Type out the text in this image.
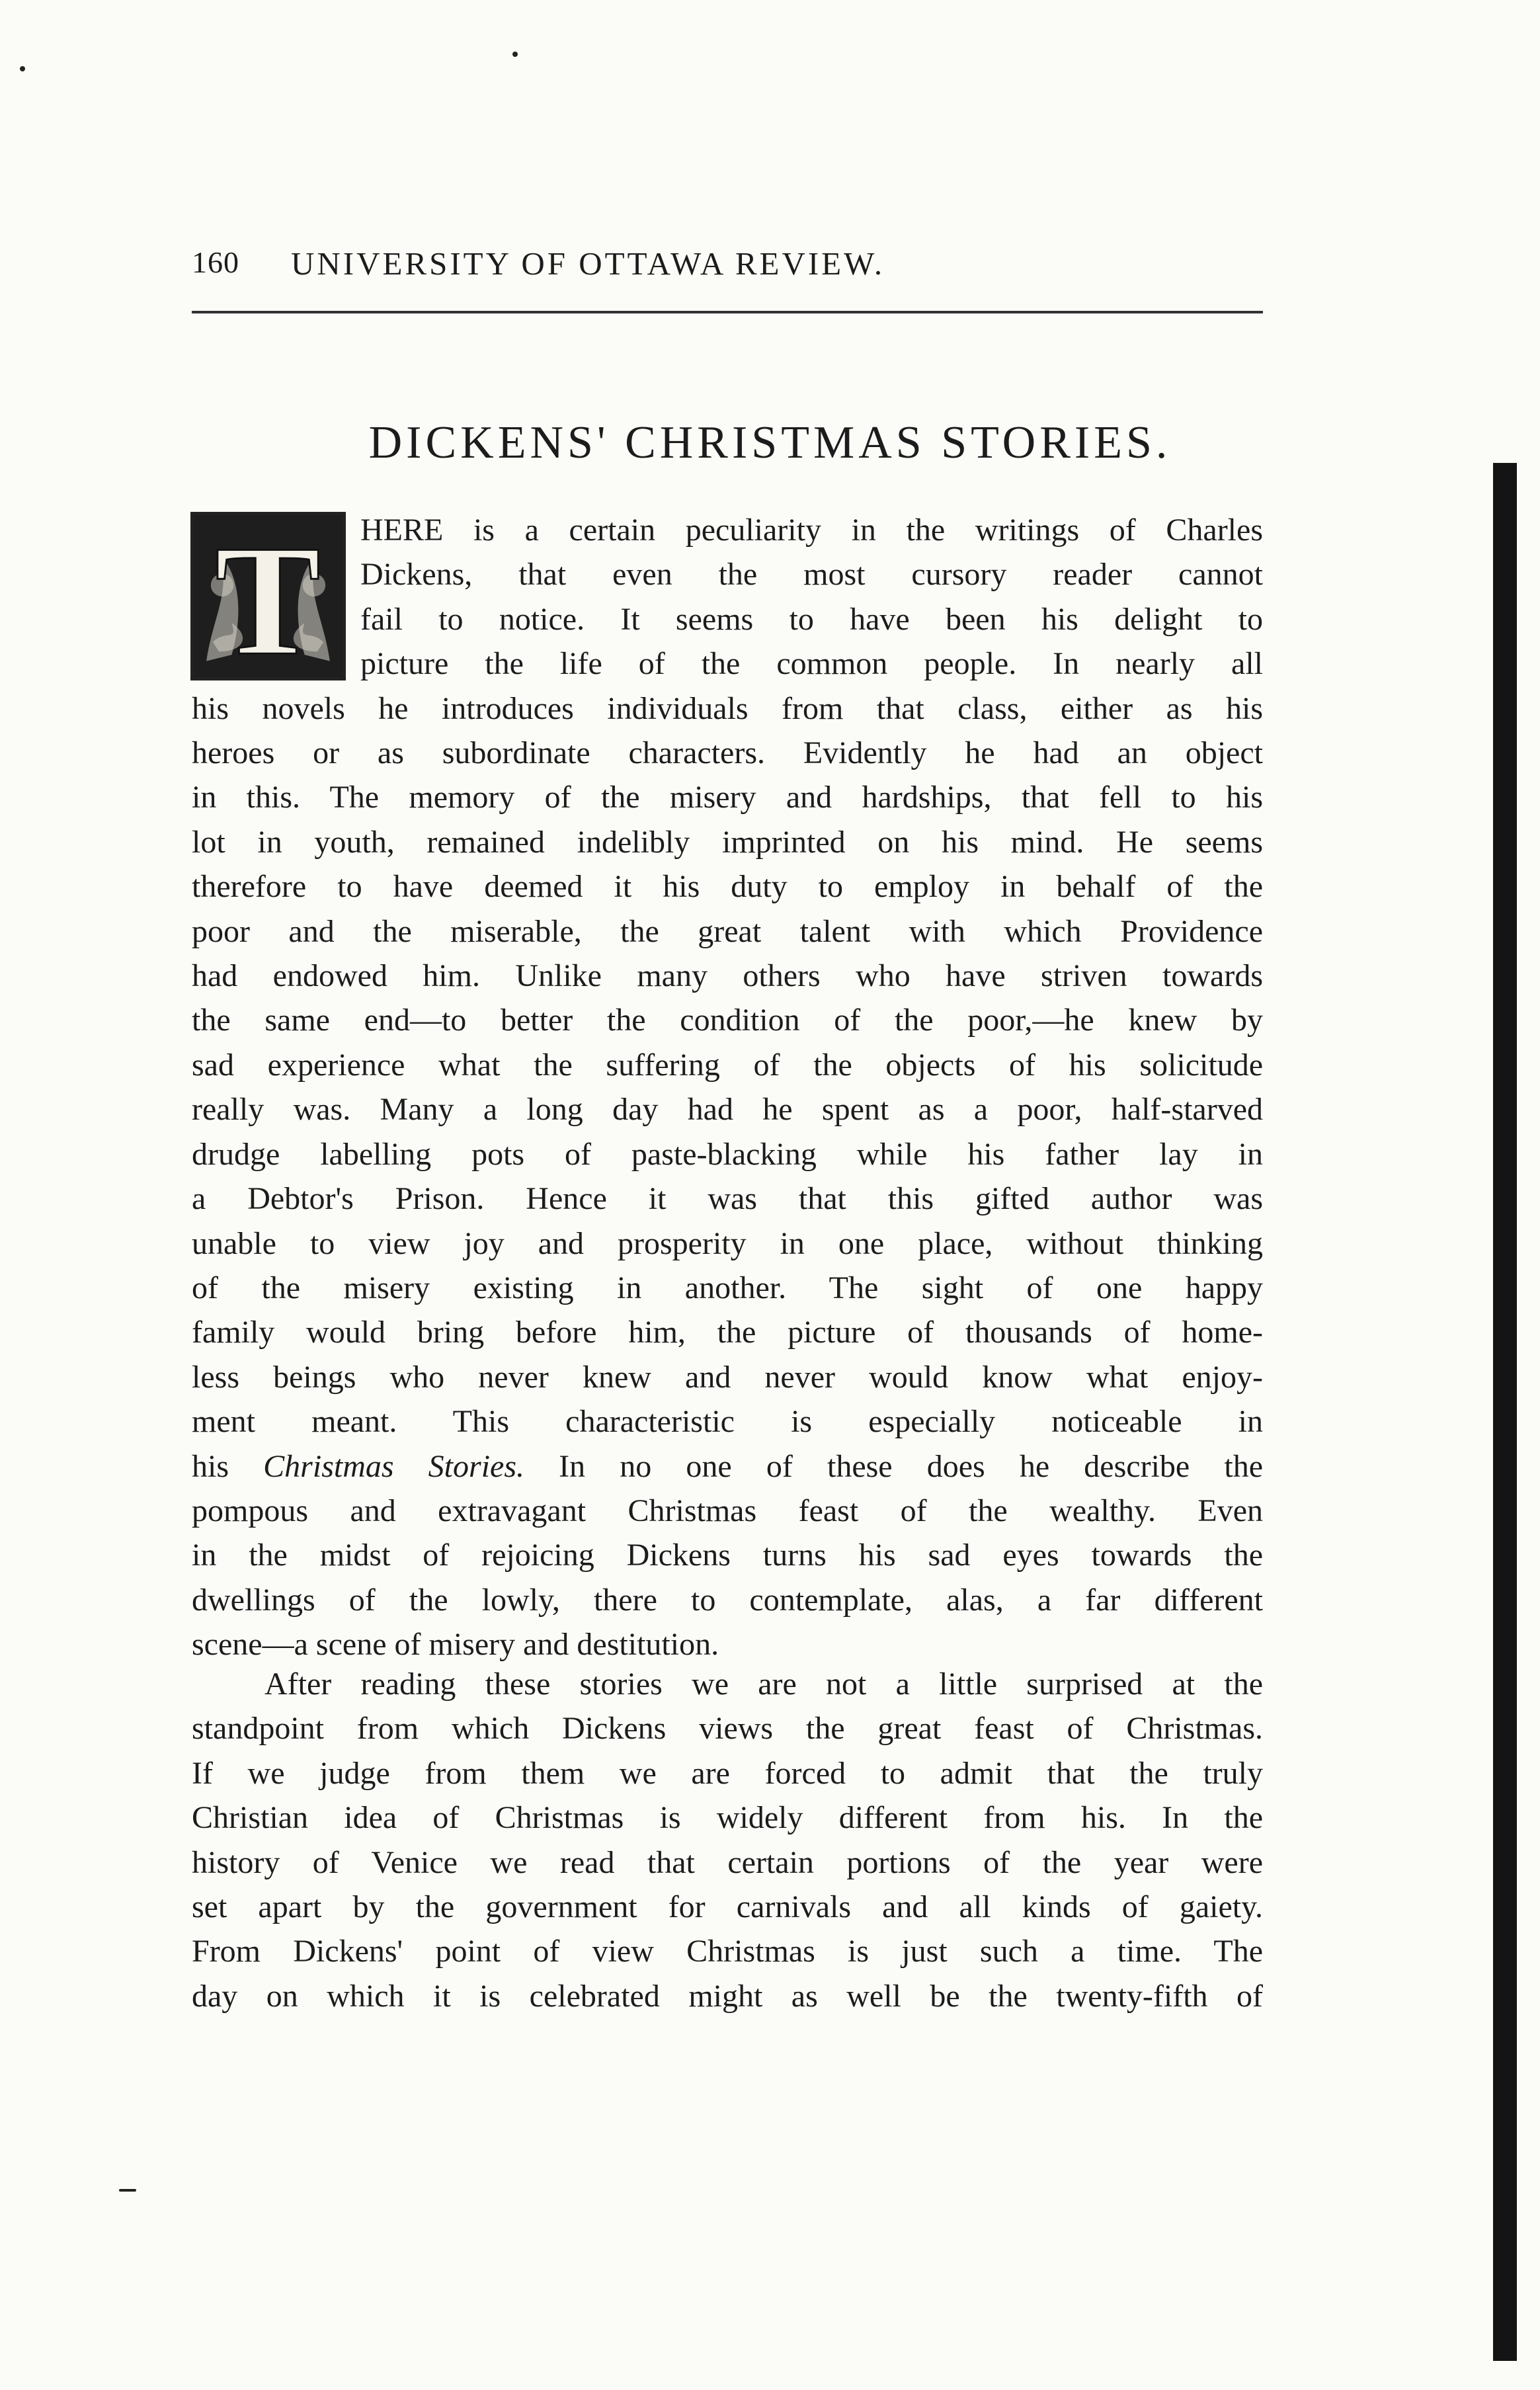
160 UNIVERSITY OF OTTAWA REVIEW.
DICKENS' CHRISTMAS STORIES.
T	HERE is a certain peculiarity in the writings of Charles
Dickens, that even the most cursory reader cannot
fail to notice. It seems to have been his delight to
picture the life of the common people. In nearly all
his novels he introduces individuals from that class, either as his
heroes or as subordinate characters. Evidently he had an object
in this. The memory of the misery and hardships, that fell to his
lot in youth, remained indelibly imprinted on his mind. He seems
therefore to have deemed it his duty to employ in behalf of the
poor and the miserable, the great talent with which Providence
had endowed him. Unlike many others who have striven towards
the same end—to better the condition of the poor,—he knew by
sad experience what the suffering of the objects of his solicitude
really was. Many a long day had he spent as a poor, half-starved
drudge labelling pots of paste-blacking while his father lay in
a Debtor's Prison. Hence it was that this gifted author was
unable to view joy and prosperity in one place, without thinking
of the misery existing in another. The sight of one happy
family would bring before him, the picture of thousands of home-
less beings who never knew and never would know what enjoy-
ment meant. This characteristic is especially noticeable in
his Christmas Stories. In no one of these does he describe the
pompous and extravagant Christmas feast of the wealthy. Even
in the midst of rejoicing Dickens turns his sad eyes towards the
dwellings of the lowly, there to contemplate, alas, a far different
scene—a scene of misery and destitution.
After reading these stories we are not a little surprised at the
standpoint from which Dickens views the great feast of Christmas.
If we judge from them we are forced to admit that the truly
Christian idea of Christmas is widely different from his. In the
history of Venice we read that certain portions of the year were
set apart by the government for carnivals and all kinds of gaiety.
From Dickens' point of view Christmas is just such a time. The
day on which it is celebrated might as well be the twenty-fifth of
